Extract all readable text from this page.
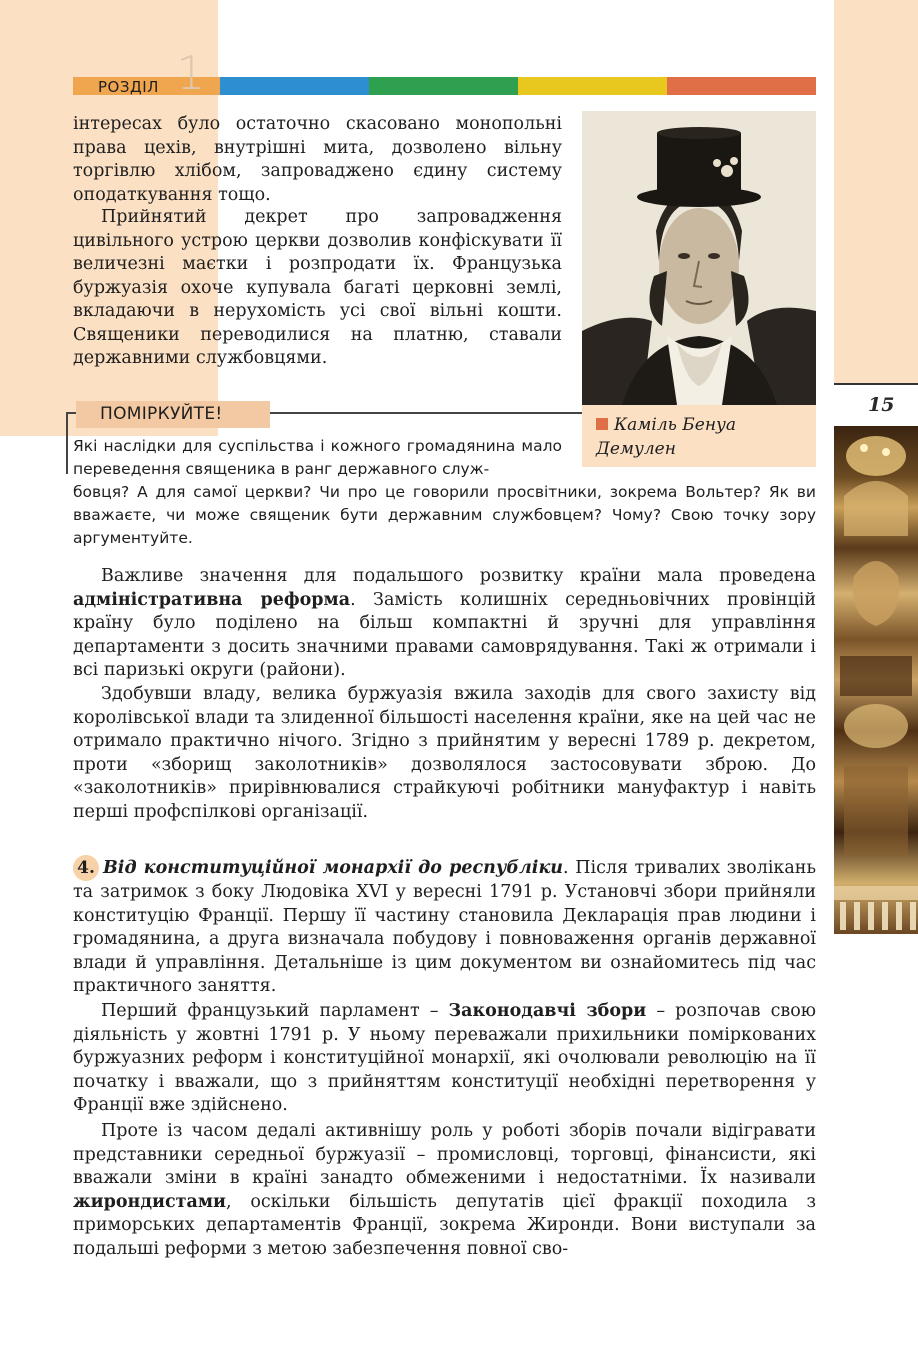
1
РОЗДІЛ
15
Каміль Бенуа
Демулен

інтересах було остаточно скасовано монопольні права цехів, внутрішні мита, дозволено вільну торгівлю хлібом, запроваджено єдину систему оподаткування тощо.

Прийнятий декрет про запровадження цивільного устрою церкви дозволив конфіскувати її величезні маєтки і розпродати їх. Французька буржуазія охоче купувала багаті церковні землі, вкладаючи в нерухомість усі свої вільні кошти. Священики переводилися на платню, ставали державними службовцями.

ПОМІРКУЙТЕ!

Які наслідки для суспільства і кожного громадянина мало переведення священика в ранг державного служ-

бовця? А для самої церкви? Чи про це говорили просвітники, зокрема Вольтер? Як ви вважаєте, чи може священик бути державним службовцем? Чому? Свою точку зору аргументуйте.

Важливе значення для подальшого розвитку країни мала проведена адміністративна реформа. Замість колишніх середньовічних провінцій країну було поділено на більш компактні й зручні для управління департаменти з досить значними правами самоврядування. Такі ж отримали і всі паризькі округи (райони).

Здобувши владу, велика буржуазія вжила заходів для свого захисту від королівської влади та злиденної більшості населення країни, яке на цей час не отримало практично нічого. Згідно з прийнятим у вересні 1789 р. декретом, проти «зборищ заколотників» дозволялося застосовувати зброю. До «заколотників» прирівнювалися страйкуючі робітники мануфактур і навіть перші профспілкові організації.

4. Від конституційної монархії до республіки. Після тривалих зволікань та затримок з боку Людовіка XVI у вересні 1791 р. Установчі збори прийняли конституцію Франції. Першу її частину становила Декларація прав людини і громадянина, а друга визначала побудову і повноваження органів державної влади й управління. Детальніше із цим документом ви ознайомитесь під час практичного заняття.

Перший французький парламент – Законодавчі збори – розпочав свою діяльність у жовтні 1791 р. У ньому переважали прихильники поміркованих буржуазних реформ і конституційної монархії, які очолювали революцію на її початку і вважали, що з прийняттям конституції необхідні перетворення у Франції вже здійснено.

Проте із часом дедалі активнішу роль у роботі зборів почали відігравати представники середньої буржуазії – промисловці, торговці, фінансисти, які вважали зміни в країні занадто обмеженими і недостатніми. Їх називали жирондистами, оскільки більшість депутатів цієї фракції походила з приморських департаментів Франції, зокрема Жиронди. Вони виступали за подальші реформи з метою забезпечення повної сво-
